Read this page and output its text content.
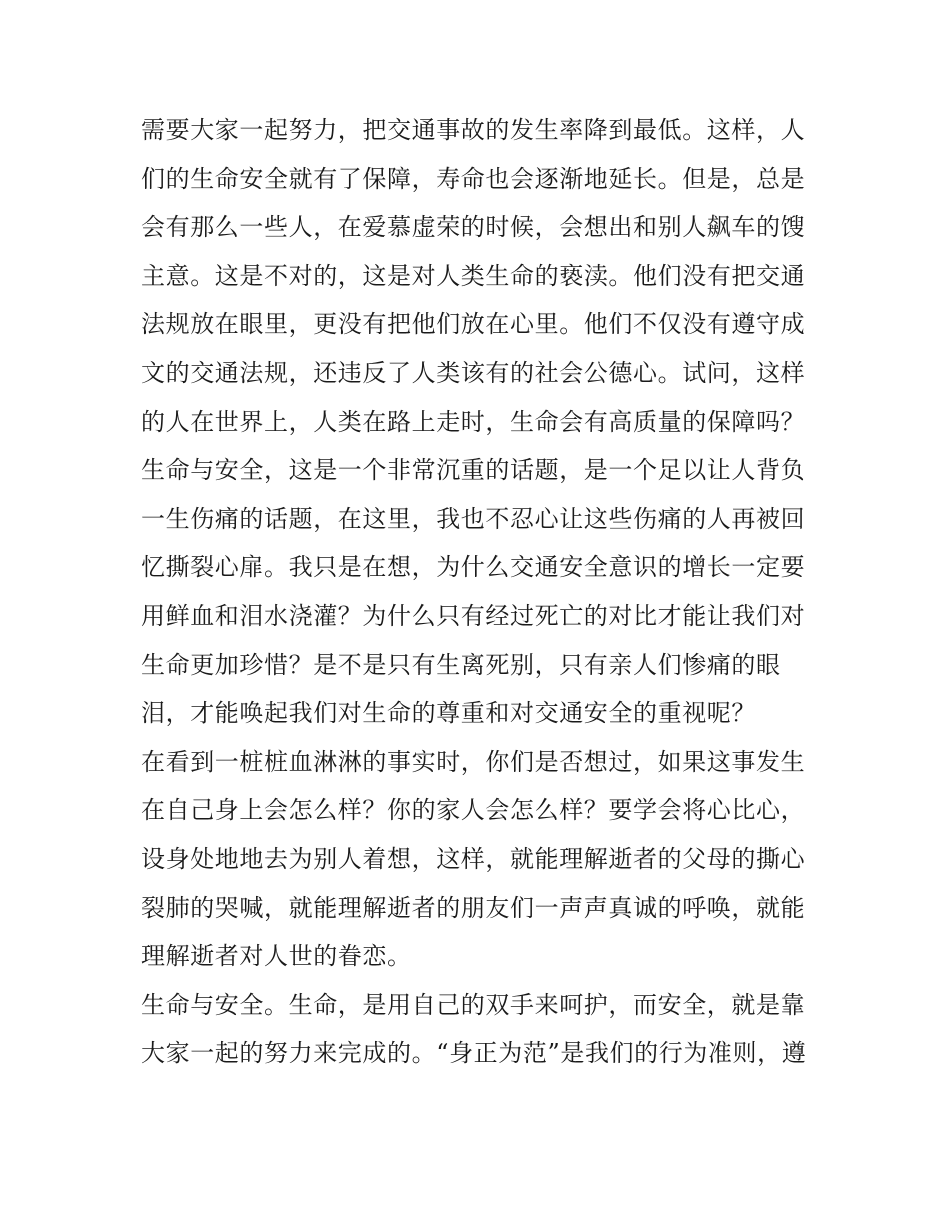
需要大家一起努力，把交通事故的发生率降到最低。这样，人
们的生命安全就有了保障，寿命也会逐渐地延长。但是，总是
会有那么一些人，在爱慕虚荣的时候，会想出和别人飙车的馊
主意。这是不对的，这是对人类生命的亵渎。他们没有把交通
法规放在眼里，更没有把他们放在心里。他们不仅没有遵守成
文的交通法规，还违反了人类该有的社会公德心。试问，这样
的人在世界上，人类在路上走时，生命会有高质量的保障吗？
生命与安全，这是一个非常沉重的话题，是一个足以让人背负
一生伤痛的话题，在这里，我也不忍心让这些伤痛的人再被回
忆撕裂心扉。我只是在想，为什么交通安全意识的增长一定要
用鲜血和泪水浇灌？为什么只有经过死亡的对比才能让我们对
生命更加珍惜？是不是只有生离死别，只有亲人们惨痛的眼
泪，才能唤起我们对生命的尊重和对交通安全的重视呢？
在看到一桩桩血淋淋的事实时，你们是否想过，如果这事发生
在自己身上会怎么样？你的家人会怎么样？要学会将心比心，
设身处地地去为别人着想，这样，就能理解逝者的父母的撕心
裂肺的哭喊，就能理解逝者的朋友们一声声真诚的呼唤，就能
理解逝者对人世的眷恋。
生命与安全。生命，是用自己的双手来呵护，而安全，就是靠
大家一起的努力来完成的。“身正为范”是我们的行为准则，遵
